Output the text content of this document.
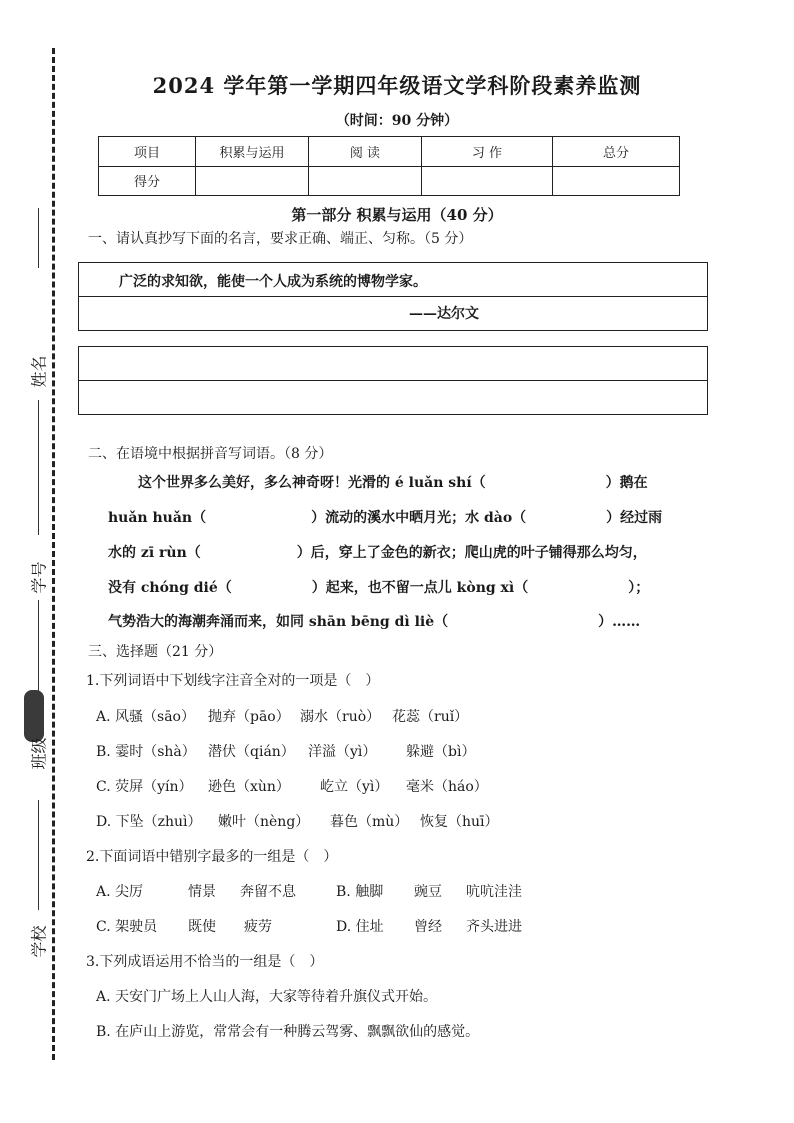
姓名
学号
班级
学校
2024 学年第一学期四年级语文学科阶段素养监测
（时间：90 分钟）
项目	积累与运用	阅 读	习 作	总分
得分				
第一部分 积累与运用（40 分）
一、请认真抄写下面的名言，要求正确、端正、匀称。（5 分）
广泛的求知欲，能使一个人成为系统的博物学家。
——达尔文
二、在语境中根据拼音写词语。（8 分）
这个世界多么美好，多么神奇呀！光滑的 é luǎn shí（	）鹅在
huǎn huǎn（	）流动的溪水中晒月光；水 dào（	）经过雨
水的 zī rùn（	）后，穿上了金色的新衣；爬山虎的叶子铺得那么均匀，
没有 chóng dié（	）起来，也不留一点儿 kòng xì（	）；
气势浩大的海潮奔涌而来，如同 shān bēng dì liè（	）……
三、选择题（21 分）
1.下列词语中下划线字注音全对的一项是（　）
A. 风骚（sāo） 抛弃（pāo） 溺水（ruò） 花蕊（ruǐ）
B. 霎时（shà） 潜伏（qián） 洋溢（yì） 躲避（bì）
C. 荧屏（yín） 逊色（xùn） 屹立（yì） 毫米（háo）
D. 下坠（zhuì） 嫩叶（nèng） 暮色（mù） 恢复（huī）
2.下面词语中错别字最多的一组是（　）
A. 尖厉	情景 奔留不息	B. 触脚 豌豆 吭吭洼洼
C. 架驶员 既使 疲劳	D. 住址 曾经 齐头进进
3.下列成语运用不恰当的一组是（　）
A. 天安门广场上人山人海，大家等待着升旗仪式开始。
B. 在庐山上游览，常常会有一种腾云驾雾、飘飘欲仙的感觉。
